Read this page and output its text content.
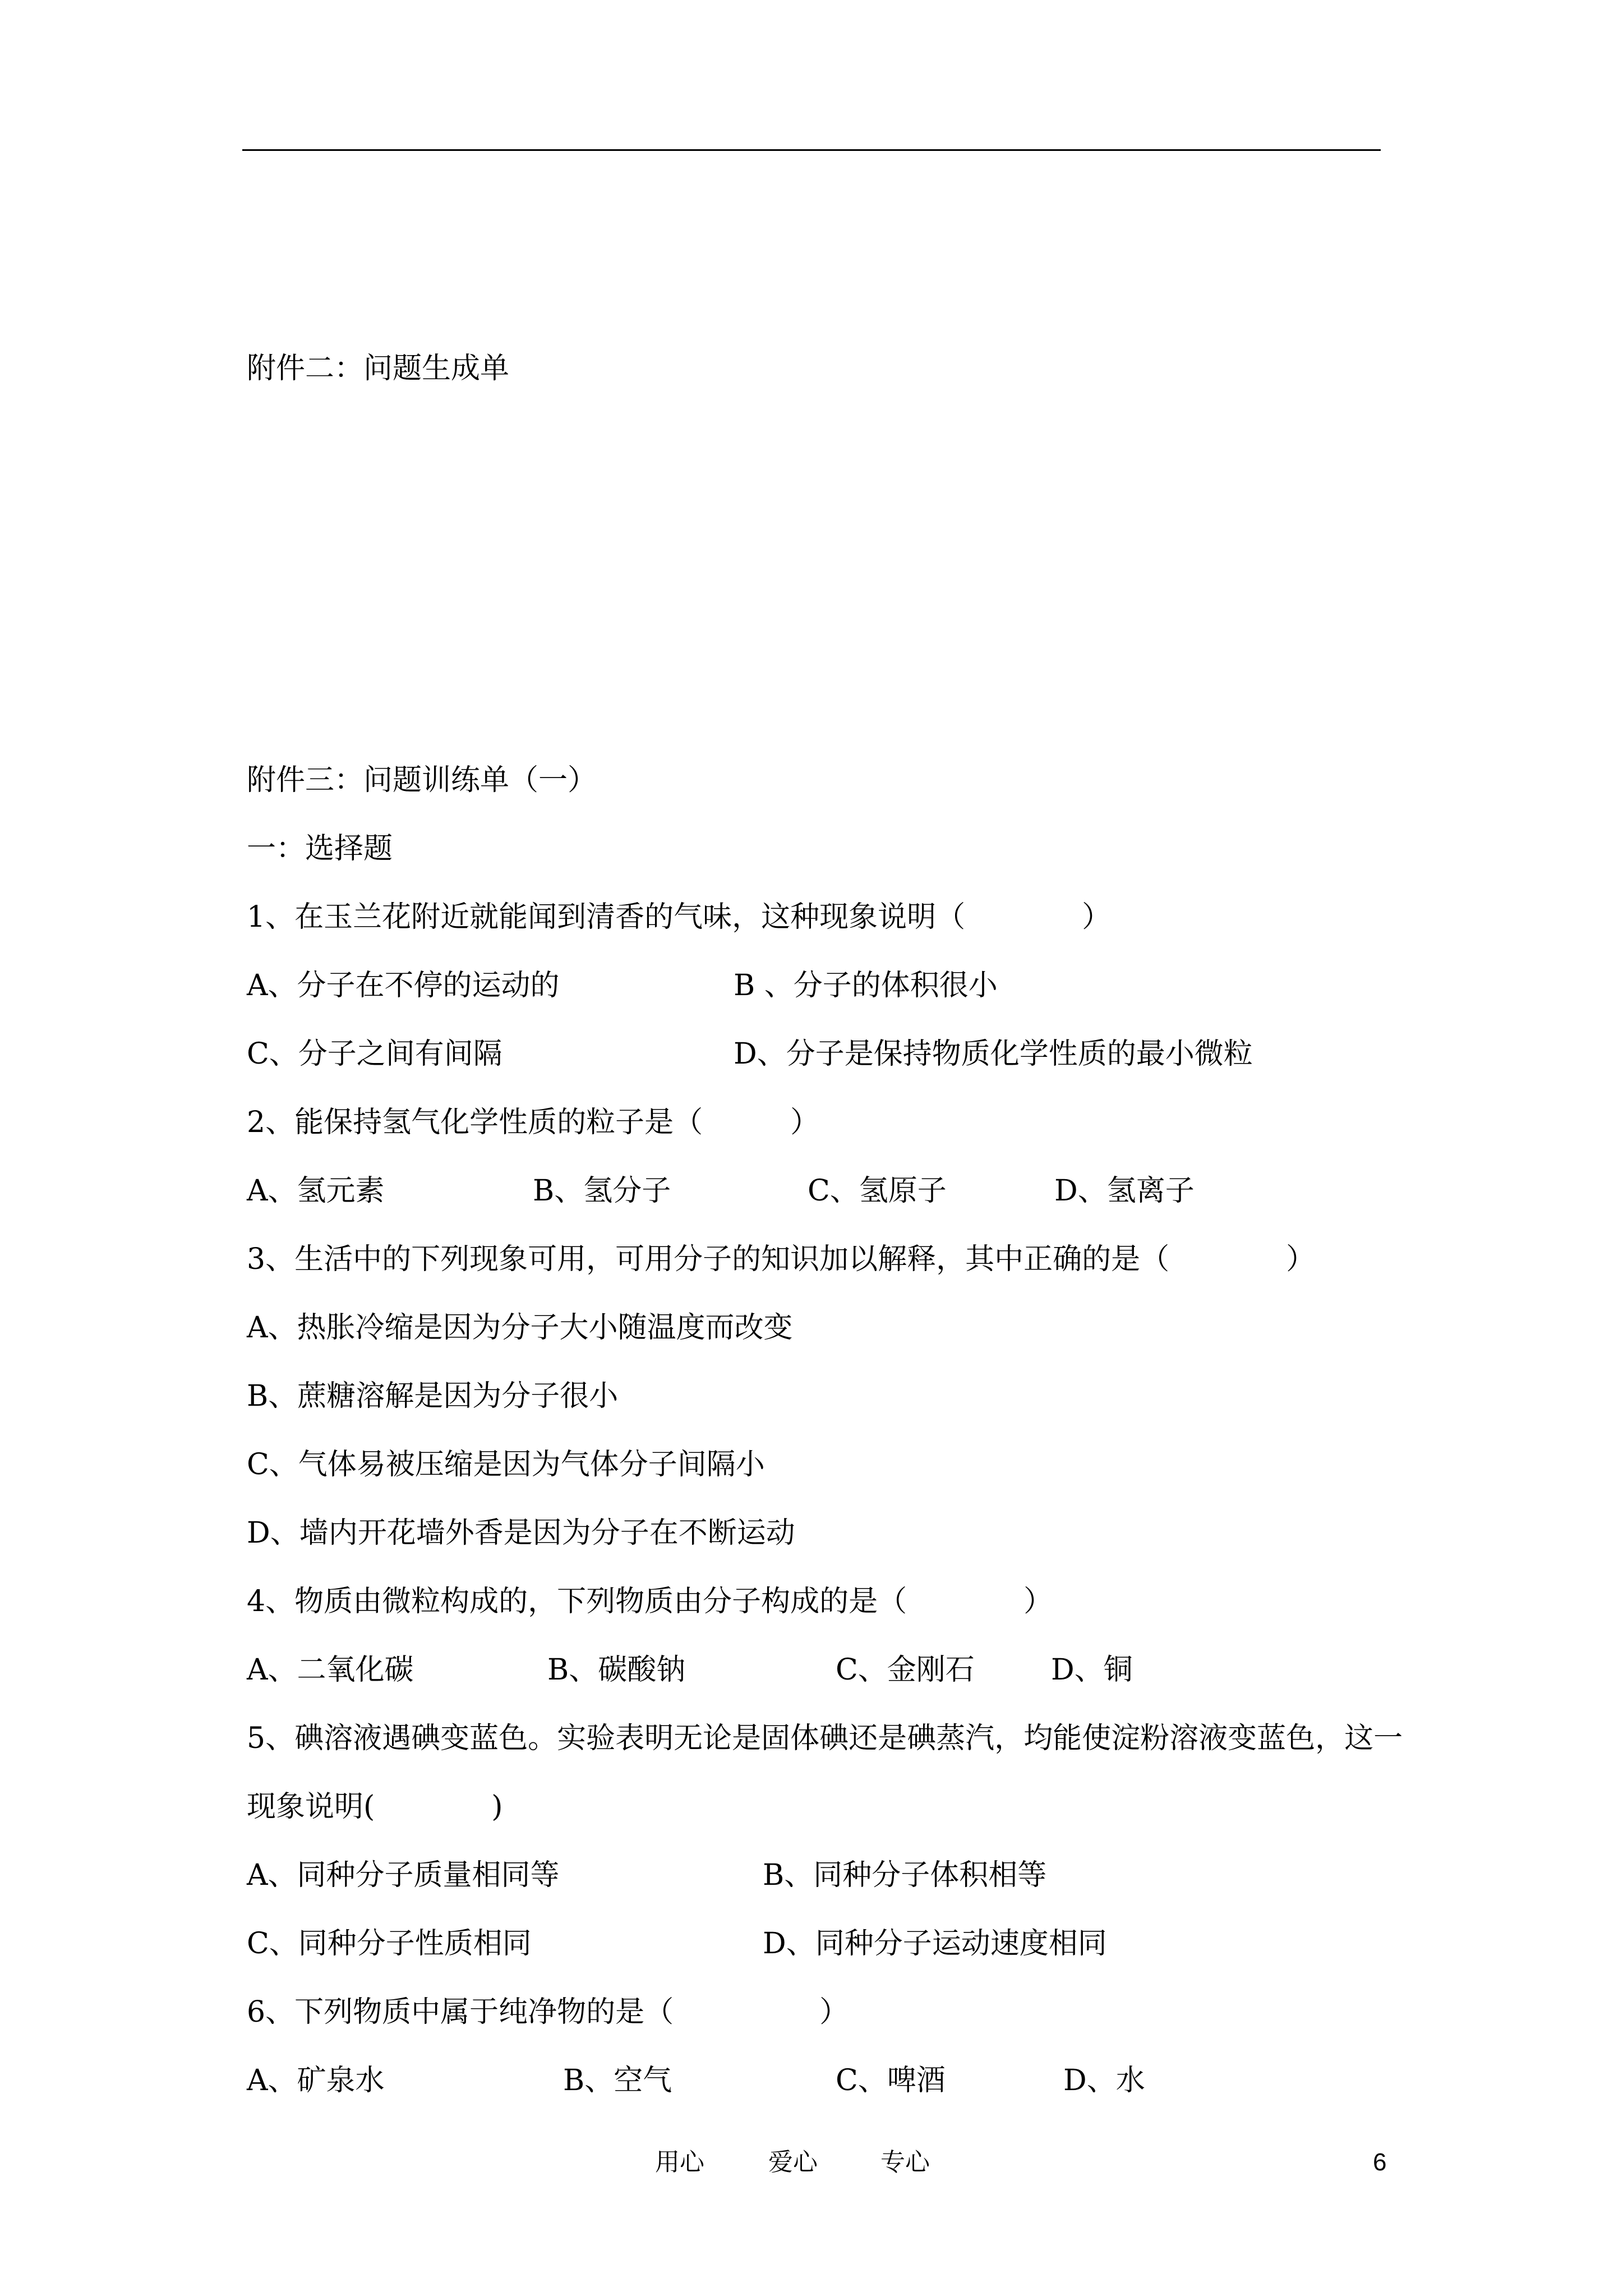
附件二：问题生成单
附件三：问题训练单（一）
一：选择题
1、在玉兰花附近就能闻到清香的气味，这种现象说明（　　　　）
A、分子在不停的运动的	B 、分子的体积很小
C、分子之间有间隔	D、分子是保持物质化学性质的最小微粒
2、能保持氢气化学性质的粒子是（　　　）
A、氢元素	B、氢分子	C、氢原子	D、氢离子
3、生活中的下列现象可用，可用分子的知识加以解释，其中正确的是（　　　　）
A、热胀冷缩是因为分子大小随温度而改变
B、蔗糖溶解是因为分子很小
C、气体易被压缩是因为气体分子间隔小
D、墙内开花墙外香是因为分子在不断运动
4、物质由微粒构成的，下列物质由分子构成的是（　　　　）
A、二氧化碳	B、碳酸钠	C、金刚石	D、铜
5、碘溶液遇碘变蓝色。实验表明无论是固体碘还是碘蒸汽，均能使淀粉溶液变蓝色，这一
现象说明(　　　　)
A、同种分子质量相同等	B、同种分子体积相等
C、同种分子性质相同	D、同种分子运动速度相同
6、下列物质中属于纯净物的是（　　　　　）
A、矿泉水	B、空气	C、啤酒	D、水
用心	爱心	专心	6
